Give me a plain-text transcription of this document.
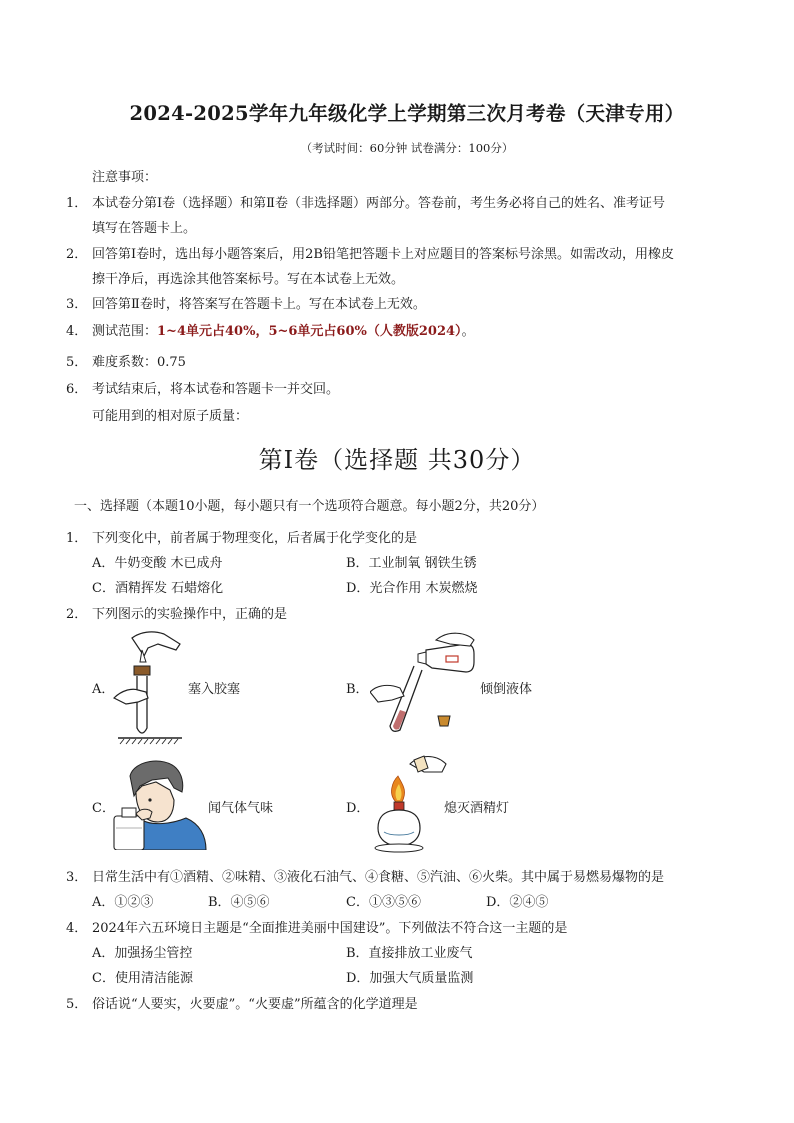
2024-2025学年九年级化学上学期第三次月考卷（天津专用）
（考试时间：60分钟 试卷满分：100分）
注意事项：
1． 本试卷分第Ⅰ卷（选择题）和第Ⅱ卷（非选择题）两部分。答卷前，考生务必将自己的姓名、准考证号
填写在答题卡上。
2． 回答第Ⅰ卷时，选出每小题答案后，用2B铅笔把答题卡上对应题目的答案标号涂黑。如需改动，用橡皮
擦干净后，再选涂其他答案标号。写在本试卷上无效。
3． 回答第Ⅱ卷时，将答案写在答题卡上。写在本试卷上无效。
4． 测试范围：1~4单元占40%，5~6单元占60%（人教版2024）。
5． 难度系数：0.75
6． 考试结束后，将本试卷和答题卡一并交回。
可能用到的相对原子质量：
第Ⅰ卷（选择题 共30分）
一、选择题（本题10小题，每小题只有一个选项符合题意。每小题2分，共20分）
1． 下列变化中，前者属于物理变化，后者属于化学变化的是
A．牛奶变酸 木已成舟	B．工业制氧 钢铁生锈
C．酒精挥发 石蜡熔化	D．光合作用 木炭燃烧
2． 下列图示的实验操作中，正确的是
A．	塞入胶塞	B．	倾倒液体
C．	闻气体气味	D．	熄灭酒精灯
3． 日常生活中有①酒精、②味精、③液化石油气、④食糖、⑤汽油、⑥火柴。其中属于易燃易爆物的是
A．①②③	B．④⑤⑥	C．①③⑤⑥	D．②④⑤
4． 2024年六五环境日主题是“全面推进美丽中国建设”。下列做法不符合这一主题的是
A．加强扬尘管控	B．直接排放工业废气
C．使用清洁能源	D．加强大气质量监测
5． 俗话说“人要实，火要虚”。“火要虚”所蕴含的化学道理是
